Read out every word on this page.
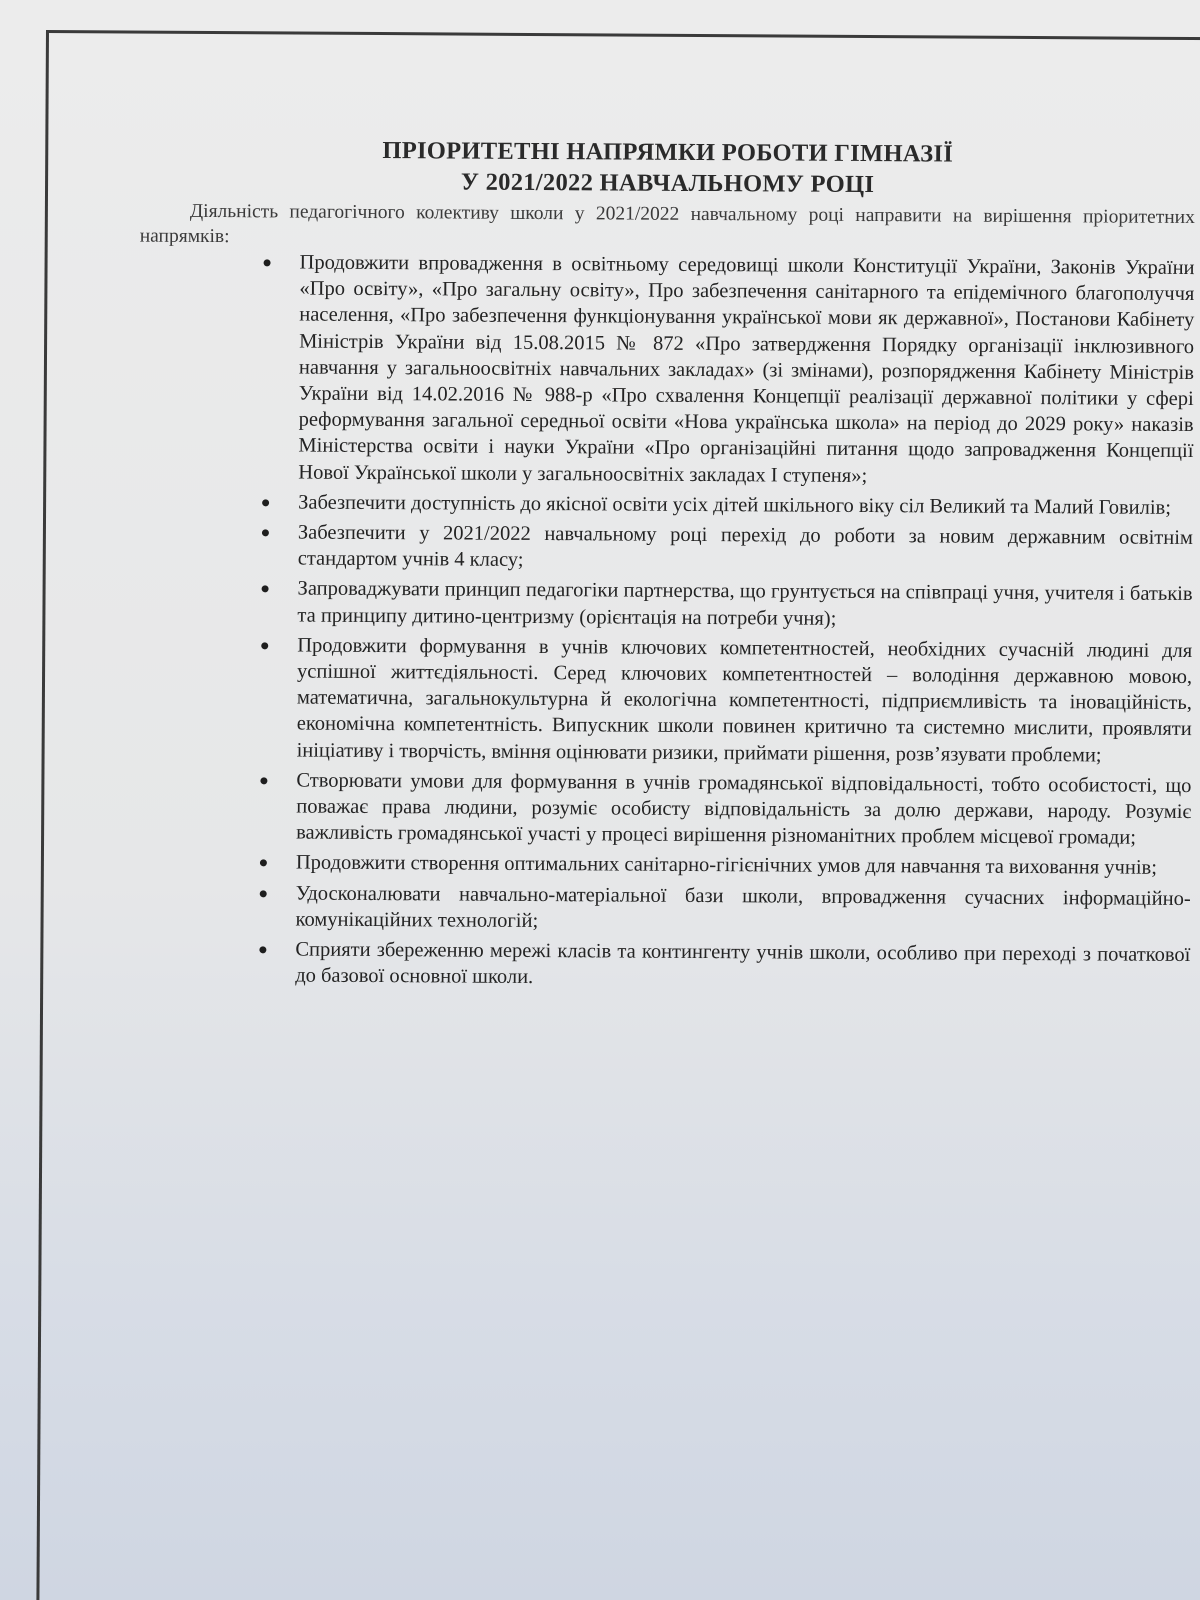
ПРІОРИТЕТНІ НАПРЯМКИ РОБОТИ ГІМНАЗІЇ
У 2021/2022 НАВЧАЛЬНОМУ РОЦІ

Діяльність педагогічного колективу школи у 2021/2022 навчальному році направити на вирішення пріоритетних напрямків:

Продовжити впровадження в освітньому середовищі школи Конституції України, Законів України «Про освіту», «Про загальну освіту», Про забезпечення санітарного та епідемічного благополуччя населення, «Про забезпечення функціонування української мови як державної», Постанови Кабінету Міністрів України від 15.08.2015 № 872 «Про затвердження Порядку організації інклюзивного навчання у загальноосвітніх навчальних закладах» (зі змінами), розпорядження Кабінету Міністрів України від 14.02.2016 № 988-р «Про схвалення Концепції реалізації державної політики у сфері реформування загальної середньої освіти «Нова українська школа» на період до 2029 року» наказів Міністерства освіти і науки України «Про організаційні питання щодо запровадження Концепції Нової Української школи у загальноосвітніх закладах І ступеня»;
Забезпечити доступність до якісної освіти усіх дітей шкільного віку сіл Великий та Малий Говилів;
Забезпечити у 2021/2022 навчальному році перехід до роботи за новим державним освітнім стандартом учнів 4 класу;
Запроваджувати принцип педагогіки партнерства, що грунтується на співпраці учня, учителя і батьків та принципу дитино-центризму (орієнтація на потреби учня);
Продовжити формування в учнів ключових компетентностей, необхідних сучасній людині для успішної життєдіяльності. Серед ключових компетентностей – володіння державною мовою, математична, загальнокультурна й екологічна компетентності, підприємливість та іноваційність, економічна компетентність. Випускник школи повинен критично та системно мислити, проявляти ініціативу і творчість, вміння оцінювати ризики, приймати рішення, розв’язувати проблеми;
Створювати умови для формування в учнів громадянської відповідальності, тобто особистості, що поважає права людини, розуміє особисту відповідальність за долю держави, народу. Розуміє важливість громадянської участі у процесі вирішення різноманітних проблем місцевої громади;
Продовжити створення оптимальних санітарно-гігієнічних умов для навчання та виховання учнів;
Удосконалювати навчально-матеріальної бази школи, впровадження сучасних інформаційно-комунікаційних технологій;
Сприяти збереженню мережі класів та контингенту учнів школи, особливо при переході з початкової до базової основної школи.
